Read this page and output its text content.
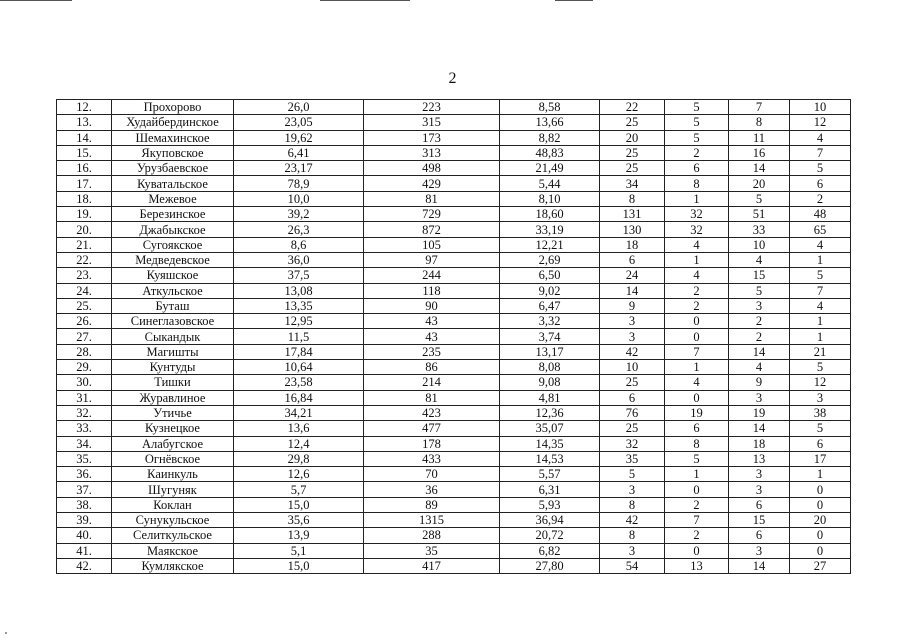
2
12.	Прохорово	26,0	223	8,58	22	5	7	10
13.	Худайбердинское	23,05	315	13,66	25	5	8	12
14.	Шемахинское	19,62	173	8,82	20	5	11	4
15.	Якуповское	6,41	313	48,83	25	2	16	7
16.	Урузбаевское	23,17	498	21,49	25	6	14	5
17.	Куватальское	78,9	429	5,44	34	8	20	6
18.	Межевое	10,0	81	8,10	8	1	5	2
19.	Березинское	39,2	729	18,60	131	32	51	48
20.	Джабыкское	26,3	872	33,19	130	32	33	65
21.	Сугоякское	8,6	105	12,21	18	4	10	4
22.	Медведевское	36,0	97	2,69	6	1	4	1
23.	Куяшское	37,5	244	6,50	24	4	15	5
24.	Аткульское	13,08	118	9,02	14	2	5	7
25.	Буташ	13,35	90	6,47	9	2	3	4
26.	Синеглазовское	12,95	43	3,32	3	0	2	1
27.	Сыкандык	11,5	43	3,74	3	0	2	1
28.	Магишты	17,84	235	13,17	42	7	14	21
29.	Кунтуды	10,64	86	8,08	10	1	4	5
30.	Тишки	23,58	214	9,08	25	4	9	12
31.	Журавлиное	16,84	81	4,81	6	0	3	3
32.	Утичье	34,21	423	12,36	76	19	19	38
33.	Кузнецкое	13,6	477	35,07	25	6	14	5
34.	Алабугское	12,4	178	14,35	32	8	18	6
35.	Огнёвское	29,8	433	14,53	35	5	13	17
36.	Каинкуль	12,6	70	5,57	5	1	3	1
37.	Шугуняк	5,7	36	6,31	3	0	3	0
38.	Коклан	15,0	89	5,93	8	2	6	0
39.	Сунукульское	35,6	1315	36,94	42	7	15	20
40.	Селиткульское	13,9	288	20,72	8	2	6	0
41.	Маякское	5,1	35	6,82	3	0	3	0
42.	Кумлякское	15,0	417	27,80	54	13	14	27
